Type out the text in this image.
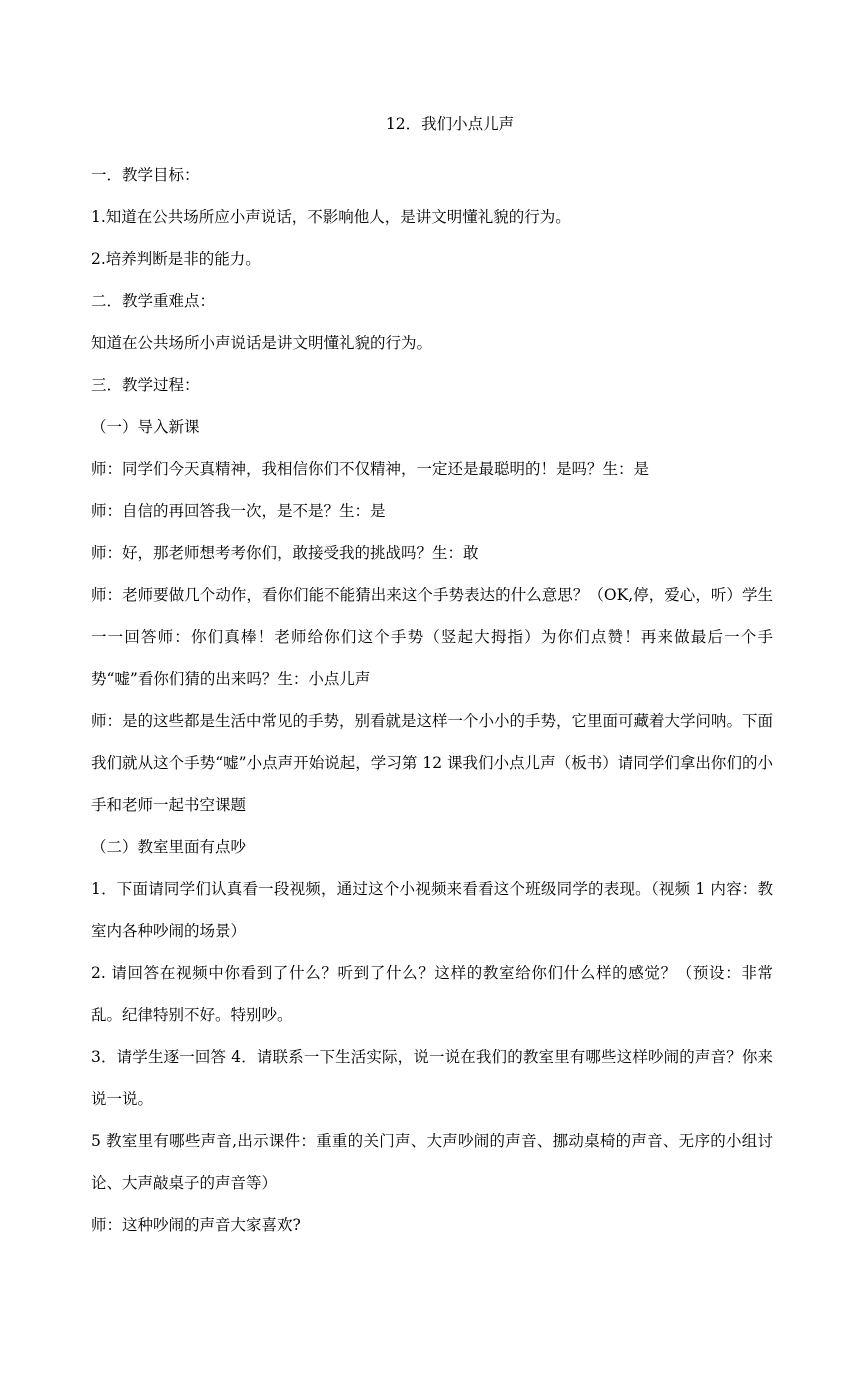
12．我们小点儿声

一．教学目标：

1.知道在公共场所应小声说话，不影响他人，是讲文明懂礼貌的行为。

2.培养判断是非的能力。

二．教学重难点：

知道在公共场所小声说话是讲文明懂礼貌的行为。

三．教学过程：

（一）导入新课

师：同学们今天真精神，我相信你们不仅精神，一定还是最聪明的！是吗？生：是

师：自信的再回答我一次，是不是？生：是

师：好，那老师想考考你们，敢接受我的挑战吗？生：敢

师：老师要做几个动作，看你们能不能猜出来这个手势表达的什么意思？（OK,停，爱心，听）学生一一回答师：你们真棒！老师给你们这个手势（竖起大拇指）为你们点赞！再来做最后一个手势“嘘”看你们猜的出来吗？生：小点儿声

师：是的这些都是生活中常见的手势，别看就是这样一个小小的手势，它里面可藏着大学问呐。下面我们就从这个手势“嘘”小点声开始说起，学习第 12 课我们小点儿声（板书）请同学们拿出你们的小手和老师一起书空课题

（二）教室里面有点吵

1．下面请同学们认真看一段视频，通过这个小视频来看看这个班级同学的表现。（视频 1 内容：教室内各种吵闹的场景）

2. 请回答在视频中你看到了什么？听到了什么？这样的教室给你们什么样的感觉？（预设：非常乱。纪律特别不好。特别吵。

3．请学生逐一回答 4．请联系一下生活实际，说一说在我们的教室里有哪些这样吵闹的声音？你来说一说。

5 教室里有哪些声音,出示课件：重重的关门声、大声吵闹的声音、挪动桌椅的声音、无序的小组讨论、大声敲桌子的声音等）

师：这种吵闹的声音大家喜欢?
